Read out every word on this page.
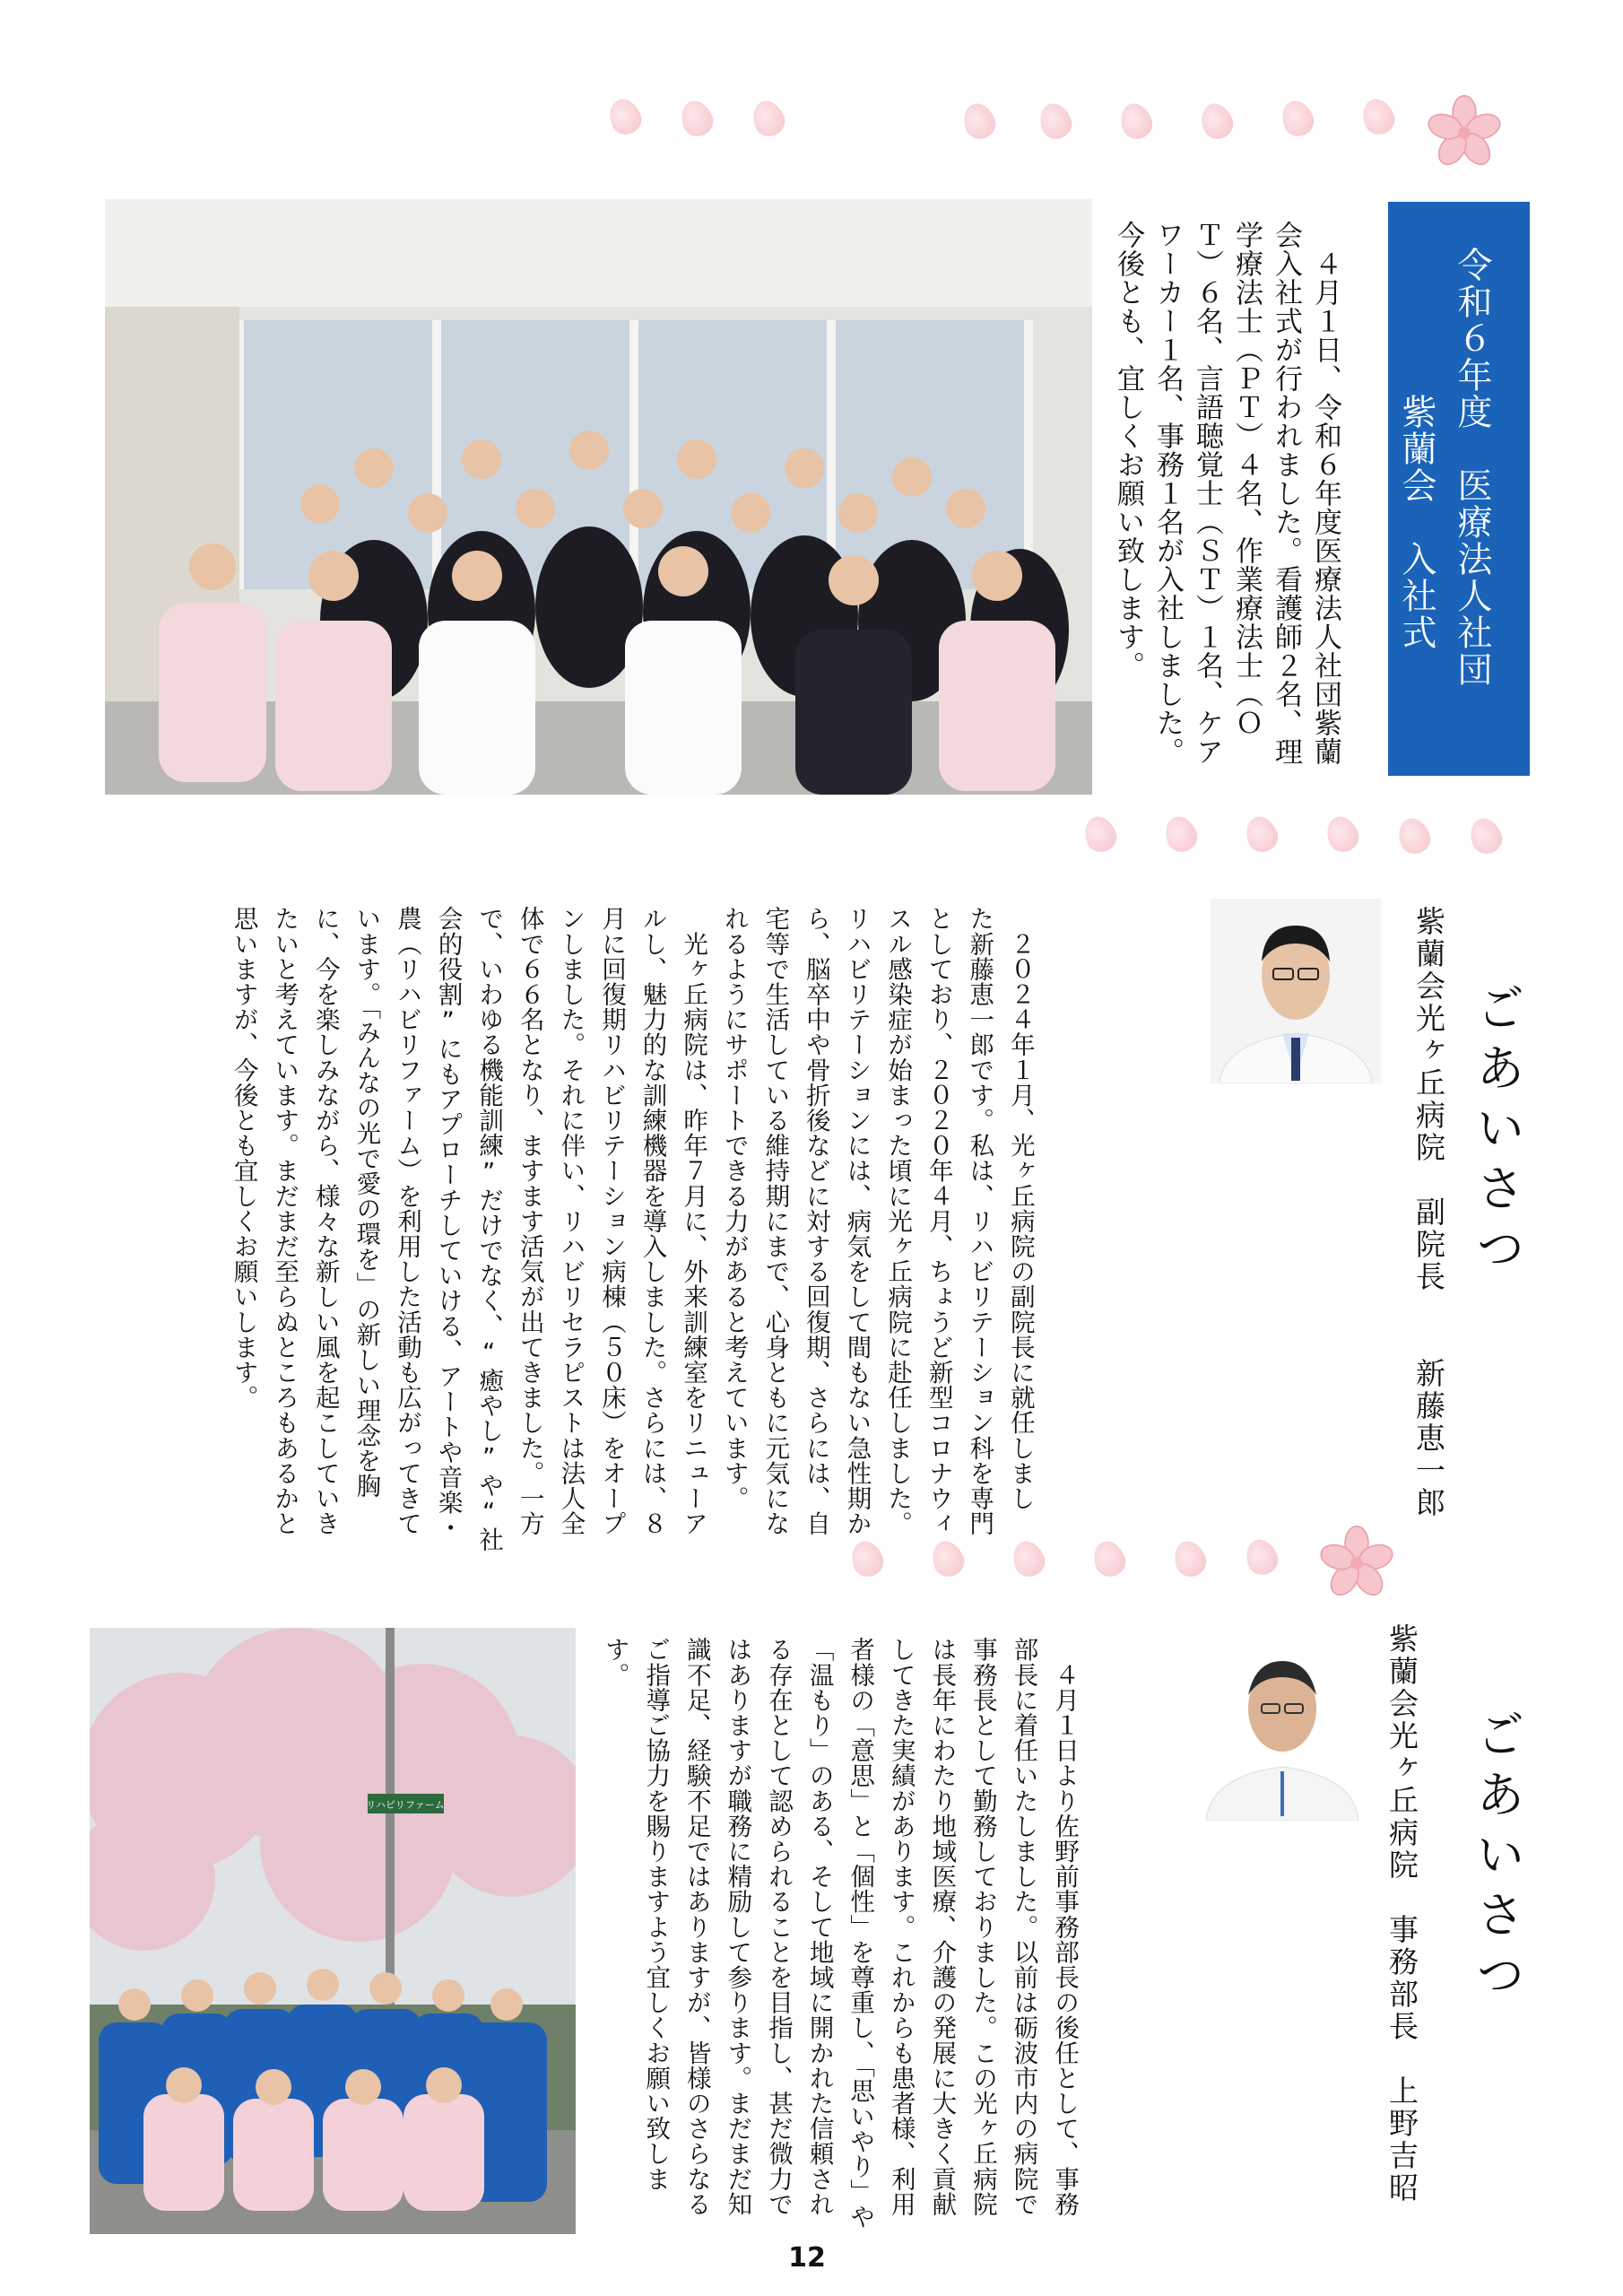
令和６年度　医療法人社団
　　　　紫蘭会　入社式
　４月１日、令和６年度医療法人社団紫蘭
会入社式が行われました。看護師２名、理
学療法士（ＰＴ）４名、作業療法士（Ｏ
Ｔ）６名、言語聴覚士（ＳＴ）１名、ケア
ワーカー１名、事務１名が入社しました。
今後とも、宜しくお願い致します。
ごあいさつ
紫蘭会光ヶ丘病院　副院長　　新藤恵一郎
　２０２４年１月、光ヶ丘病院の副院長に就任しまし
た新藤恵一郎です。私は、リハビリテーション科を専門
としており、２０２０年４月、ちょうど新型コロナウィ
スル感染症が始まった頃に光ヶ丘病院に赴任しました。
リハビリテーションには、病気をして間もない急性期か
ら、脳卒中や骨折後などに対する回復期、さらには、自
宅等で生活している維持期にまで、心身ともに元気にな
れるようにサポートできる力があると考えています。
　光ヶ丘病院は、昨年７月に、外来訓練室をリニューア
ルし、魅力的な訓練機器を導入しました。さらには、８
月に回復期リハビリテーション病棟（５０床）をオープ
ンしました。それに伴い、リハビリセラピストは法人全
体で６６名となり、ますます活気が出てきました。一方
で、いわゆる機能訓練”だけでなく、“癒やし”や“社
会的役割”にもアプローチしていける、アートや音楽・
農（リハビリファーム）を利用した活動も広がってきて
います。「みんなの光で愛の環を」の新しい理念を胸
に、今を楽しみながら、様々な新しい風を起こしていき
たいと考えています。まだまだ至らぬところもあるかと
思いますが、今後とも宜しくお願いします。
ごあいさつ
紫蘭会光ヶ丘病院　事務部長　上野吉昭
　４月１日より佐野前事務部長の後任として、事務
部長に着任いたしました。以前は砺波市内の病院で
事務長として勤務しておりました。この光ヶ丘病院
は長年にわたり地域医療、介護の発展に大きく貢献
してきた実績があります。これからも患者様、利用
者様の「意思」と「個性」を尊重し、「思いやり」や
「温もり」のある、そして地域に開かれた信頼され
る存在として認められることを目指し、甚だ微力で
はありますが職務に精励して参ります。まだまだ知
識不足、経験不足ではありますが、皆様のさらなる
ご指導ご協力を賜りますよう宜しくお願い致しま
す。
リハビリファーム
12
